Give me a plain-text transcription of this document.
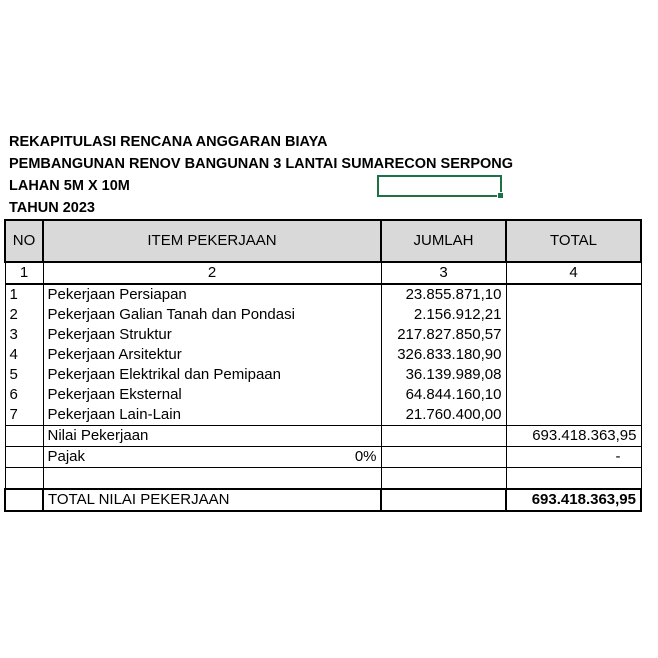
REKAPITULASI RENCANA ANGGARAN BIAYA
PEMBANGUNAN RENOV BANGUNAN 3 LANTAI SUMARECON SERPONG
LAHAN 5M X 10M
TAHUN 2023
NO	ITEM PEKERJAAN	JUMLAH	TOTAL
1	2	3	4
1	Pekerjaan Persiapan	23.855.871,10	
2	Pekerjaan Galian Tanah dan Pondasi	2.156.912,21	
3	Pekerjaan Struktur	217.827.850,57	
4	Pekerjaan Arsitektur	326.833.180,90	
5	Pekerjaan Elektrikal dan Pemipaan	36.139.989,08	
6	Pekerjaan Eksternal	64.844.160,10	
7	Pekerjaan Lain-Lain	21.760.400,00	
	Nilai Pekerjaan		693.418.363,95

	Pajak 0%		-

	TOTAL NILAI PEKERJAAN		693.418.363,95
